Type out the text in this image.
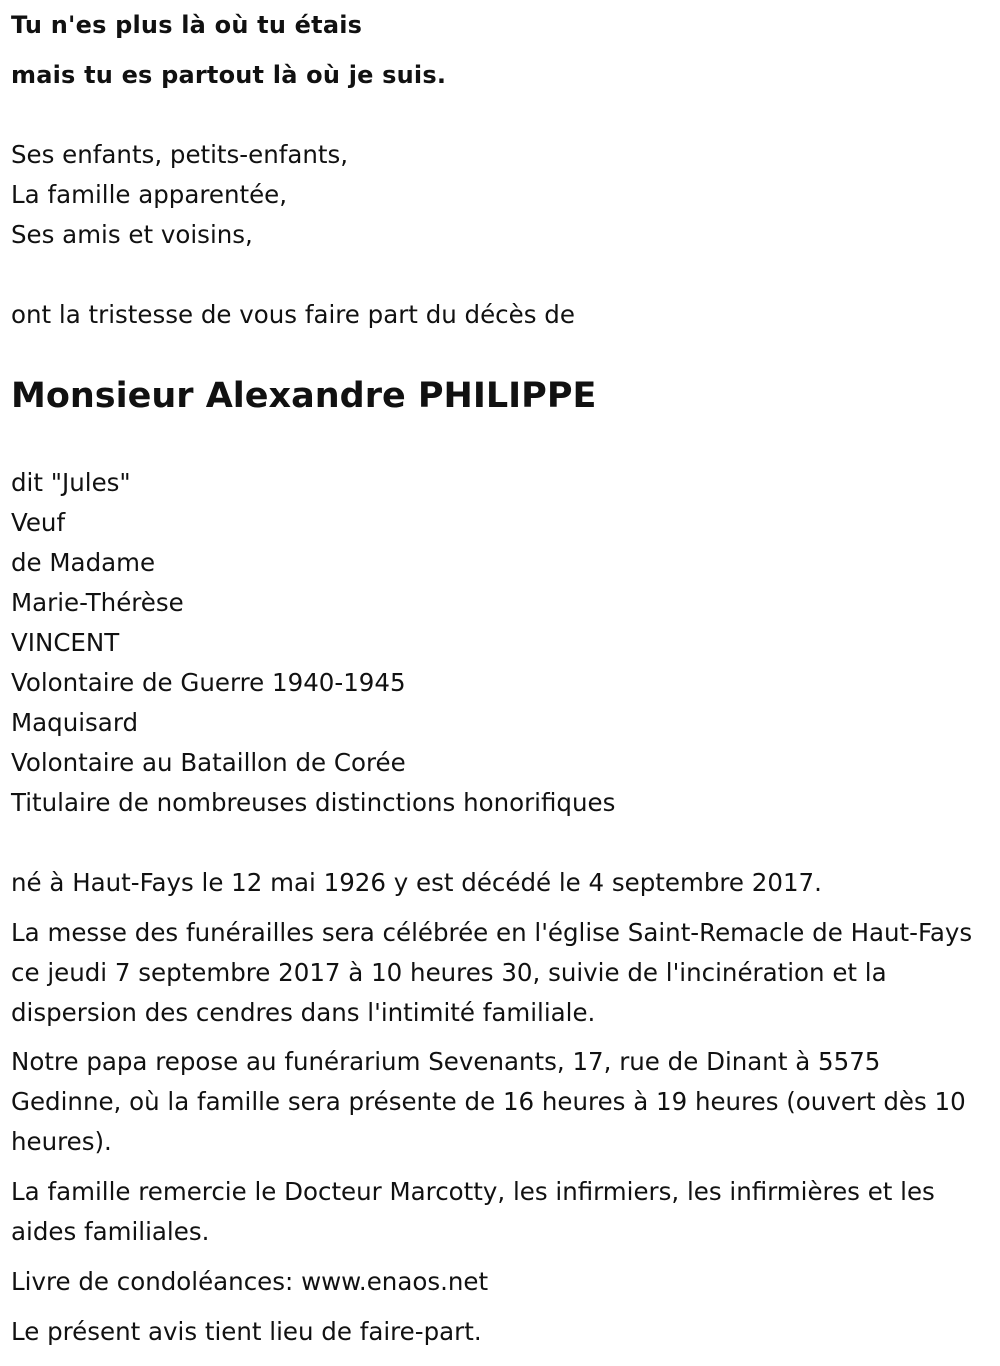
Tu n'es plus là où tu étais

mais tu es partout là où je suis.

Ses enfants, petits-enfants,
La famille apparentée,
Ses amis et voisins,
ont la tristesse de vous faire part du décès de
Monsieur Alexandre PHILIPPE
dit "Jules"
Veuf
de Madame
Marie-Thérèse
VINCENT
Volontaire de Guerre 1940-1945
Maquisard
Volontaire au Bataillon de Corée
Titulaire de nombreuses distinctions honorifiques

né à Haut-Fays le 12 mai 1926 y est décédé le 4 septembre 2017.

La messe des funérailles sera célébrée en l'église Saint-Remacle de Haut-Fays ce jeudi 7 septembre 2017 à 10 heures 30, suivie de l'incinération et la dispersion des cendres dans l'intimité familiale.

Notre papa repose au funérarium Sevenants, 17, rue de Dinant à 5575 Gedinne, où la famille sera présente de 16 heures à 19 heures (ouvert dès 10 heures).

La famille remercie le Docteur Marcotty, les infirmiers, les infirmières et les aides familiales.

Livre de condoléances: www.enaos.net

Le présent avis tient lieu de faire-part.
